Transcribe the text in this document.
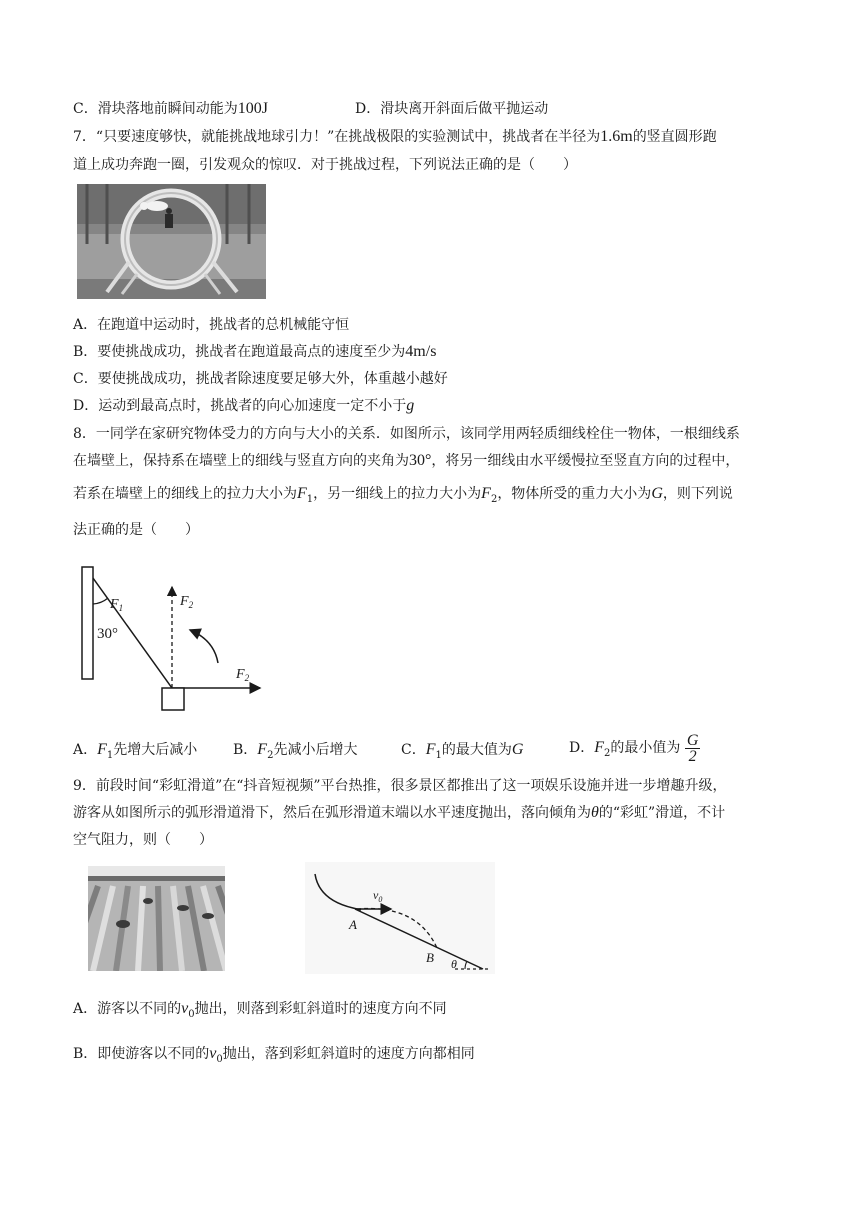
C．滑块落地前瞬间动能为100J	D．滑块离开斜面后做平抛运动
7．“只要速度够快，就能挑战地球引力！”在挑战极限的实验测试中，挑战者在半径为1.6m的竖直圆形跑
道上成功奔跑一圈，引发观众的惊叹．对于挑战过程，下列说法正确的是（　　）
A．在跑道中运动时，挑战者的总机械能守恒
B．要使挑战成功，挑战者在跑道最高点的速度至少为4m/s
C．要使挑战成功，挑战者除速度要足够大外，体重越小越好
D．运动到最高点时，挑战者的向心加速度一定不小于g
8．一同学在家研究物体受力的方向与大小的关系．如图所示，该同学用两轻质细线栓住一物体，一根细线系
在墙壁上，保持系在墙壁上的细线与竖直方向的夹角为30°，将另一细线由水平缓慢拉至竖直方向的过程中，
若系在墙壁上的细线上的拉力大小为$F_1$，另一细线上的拉力大小为$F_2$，物体所受的重力大小为G，则下列说
法正确的是（　　）
30°
$F_1$	$F_2$
$F_2$
A．$F_1$先增大后减小	B．$F_2$先减小后增大	C．$F_1$的最大值为G	D．$F_2$的最小值为 $\frac{G}{2}$
9．前段时间“彩虹滑道”在“抖音短视频”平台热推，很多景区都推出了这一项娱乐设施并进一步增趣升级，
游客从如图所示的弧形滑道滑下，然后在弧形滑道末端以水平速度抛出，落向倾角为θ的“彩虹”滑道，不计
空气阻力，则（　　）
$v_0$
A
B θ
A．游客以不同的$v_0$抛出，则落到彩虹斜道时的速度方向不同
B．即使游客以不同的$v_0$抛出，落到彩虹斜道时的速度方向都相同
